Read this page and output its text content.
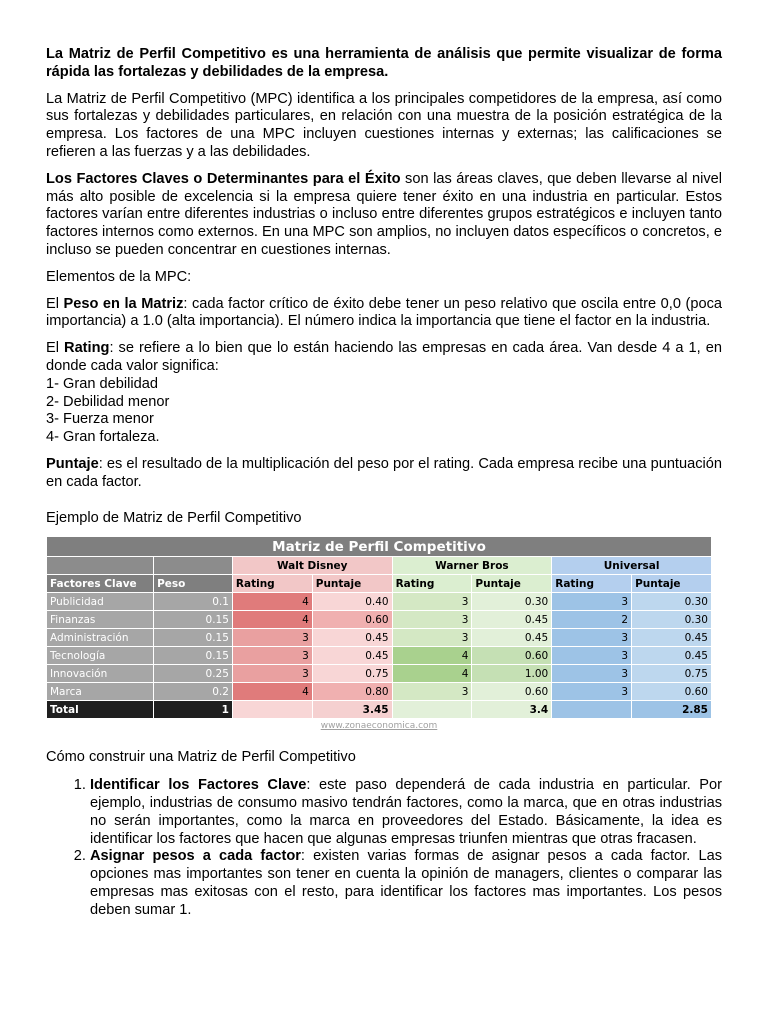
La Matriz de Perfil Competitivo es una herramienta de análisis que permite visualizar de forma rápida las fortalezas y debilidades de la empresa.

La Matriz de Perfil Competitivo (MPC) identifica a los principales competidores de la empresa, así como sus fortalezas y debilidades particulares, en relación con una muestra de la posición estratégica de la empresa. Los factores de una MPC incluyen cuestiones internas y externas; las calificaciones se refieren a las fuerzas y a las debilidades.

Los Factores Claves o Determinantes para el Éxito son las áreas claves, que deben llevarse al nivel más alto posible de excelencia si la empresa quiere tener éxito en una industria en particular. Estos factores varían entre diferentes industrias o incluso entre diferentes grupos estratégicos e incluyen tanto factores internos como externos. En una MPC son amplios, no incluyen datos específicos o concretos, e incluso se pueden concentrar en cuestiones internas.

Elementos de la MPC:

El Peso en la Matriz: cada factor crítico de éxito debe tener un peso relativo que oscila entre 0,0 (poca importancia) a 1.0 (alta importancia). El número indica la importancia que tiene el factor en la industria.

El Rating: se refiere a lo bien que lo están haciendo las empresas en cada área. Van desde 4 a 1, en donde cada valor significa:

1- Gran debilidad
2- Debilidad menor
3- Fuerza menor
4- Gran fortaleza.

Puntaje: es el resultado de la multiplicación del peso por el rating. Cada empresa recibe una puntuación en cada factor.

Ejemplo de Matriz de Perfil Competitivo

Matriz de Perfil Competitivo							
		Walt Disney		Warner Bros		Universal	
Factores Clave	Peso	Rating	Puntaje	Rating	Puntaje	Rating	Puntaje
Publicidad	0.1	4	0.40	3	0.30	3	0.30
Finanzas	0.15	4	0.60	3	0.45	2	0.30
Administración	0.15	3	0.45	3	0.45	3	0.45
Tecnología	0.15	3	0.45	4	0.60	3	0.45
Innovación	0.25	3	0.75	4	1.00	3	0.75
Marca	0.2	4	0.80	3	0.60	3	0.60
Total	1		3.45		3.4		2.85
www.zonaeconomica.com

Cómo construir una Matriz de Perfil Competitivo

1. Identificar los Factores Clave: este paso dependerá de cada industria en particular. Por ejemplo, industrias de consumo masivo tendrán factores, como la marca, que en otras industrias no serán importantes, como la marca en proveedores del Estado. Básicamente, la idea es identificar los factores que hacen que algunas empresas triunfen mientras que otras fracasen.
2. Asignar pesos a cada factor: existen varias formas de asignar pesos a cada factor. Las opciones mas importantes son tener en cuenta la opinión de managers, clientes o comparar las empresas mas exitosas con el resto, para identificar los factores mas importantes. Los pesos deben sumar 1.
